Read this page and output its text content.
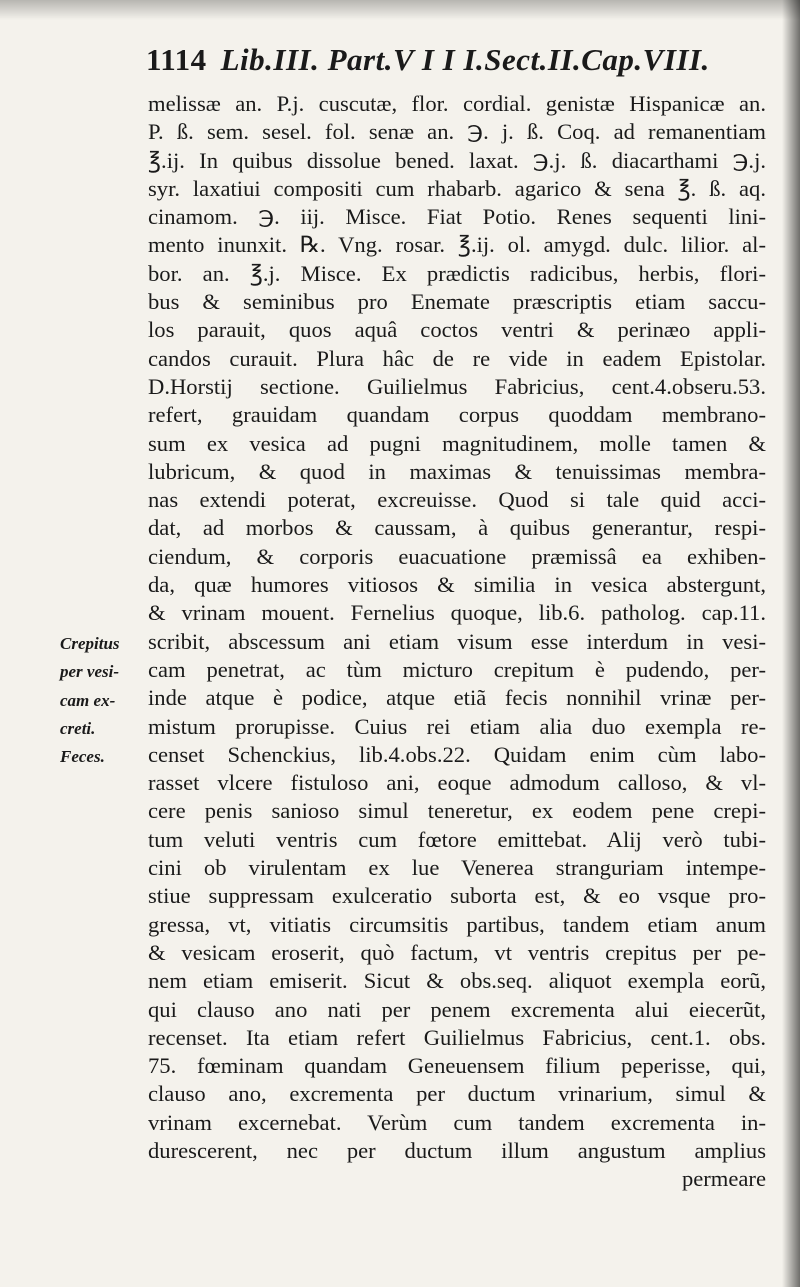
1114 Lib.III. Part.V I I I.Sect.II.Cap.VIII.
Crepitus
per vesi-
cam ex-
creti.
Feces.
melissæ an. P.j. cuscutæ, flor. cordial. genistæ Hispanicæ an.
P. ß. sem. sesel. fol. senæ an. ℈. j. ß. Coq. ad remanentiam
℥.ij. In quibus dissolue bened. laxat. ℈.j. ß. diacarthami ℈.j.
syr. laxatiui compositi cum rhabarb. agarico & sena ℥. ß. aq.
cinamom. ℈. iij. Misce. Fiat Potio. Renes sequenti lini-
mento inunxit. ℞. Vng. rosar. ℥.ij. ol. amygd. dulc. lilior. al-
bor. an. ℥.j. Misce. Ex prædictis radicibus, herbis, flori-
bus & seminibus pro Enemate præscriptis etiam saccu-
los parauit, quos aquâ coctos ventri & perinæo appli-
candos curauit. Plura hâc de re vide in eadem Epistolar.
D.Horstij sectione. Guilielmus Fabricius, cent.4.obseru.53.
refert, grauidam quandam corpus quoddam membrano-
sum ex vesica ad pugni magnitudinem, molle tamen &
lubricum, & quod in maximas & tenuissimas membra-
nas extendi poterat, excreuisse. Quod si tale quid acci-
dat, ad morbos & caussam, à quibus generantur, respi-
ciendum, & corporis euacuatione præmissâ ea exhiben-
da, quæ humores vitiosos & similia in vesica abstergunt,
& vrinam mouent. Fernelius quoque, lib.6. patholog. cap.11.
scribit, abscessum ani etiam visum esse interdum in vesi-
cam penetrat, ac tùm micturo crepitum è pudendo, per-
inde atque è podice, atque etiã fecis nonnihil vrinæ per-
mistum prorupisse. Cuius rei etiam alia duo exempla re-
censet Schenckius, lib.4.obs.22. Quidam enim cùm labo-
rasset vlcere fistuloso ani, eoque admodum calloso, & vl-
cere penis sanioso simul teneretur, ex eodem pene crepi-
tum veluti ventris cum fœtore emittebat. Alij verò tubi-
cini ob virulentam ex lue Venerea stranguriam intempe-
stiue suppressam exulceratio suborta est, & eo vsque pro-
gressa, vt, vitiatis circumsitis partibus, tandem etiam anum
& vesicam eroserit, quò factum, vt ventris crepitus per pe-
nem etiam emiserit. Sicut & obs.seq. aliquot exempla eorũ,
qui clauso ano nati per penem excrementa alui eiecerũt,
recenset. Ita etiam refert Guilielmus Fabricius, cent.1. obs.
75. fœminam quandam Geneuensem filium peperisse, qui,
clauso ano, excrementa per ductum vrinarium, simul &
vrinam excernebat. Verùm cum tandem excrementa in-
durescerent, nec per ductum illum angustum amplius
permeare
